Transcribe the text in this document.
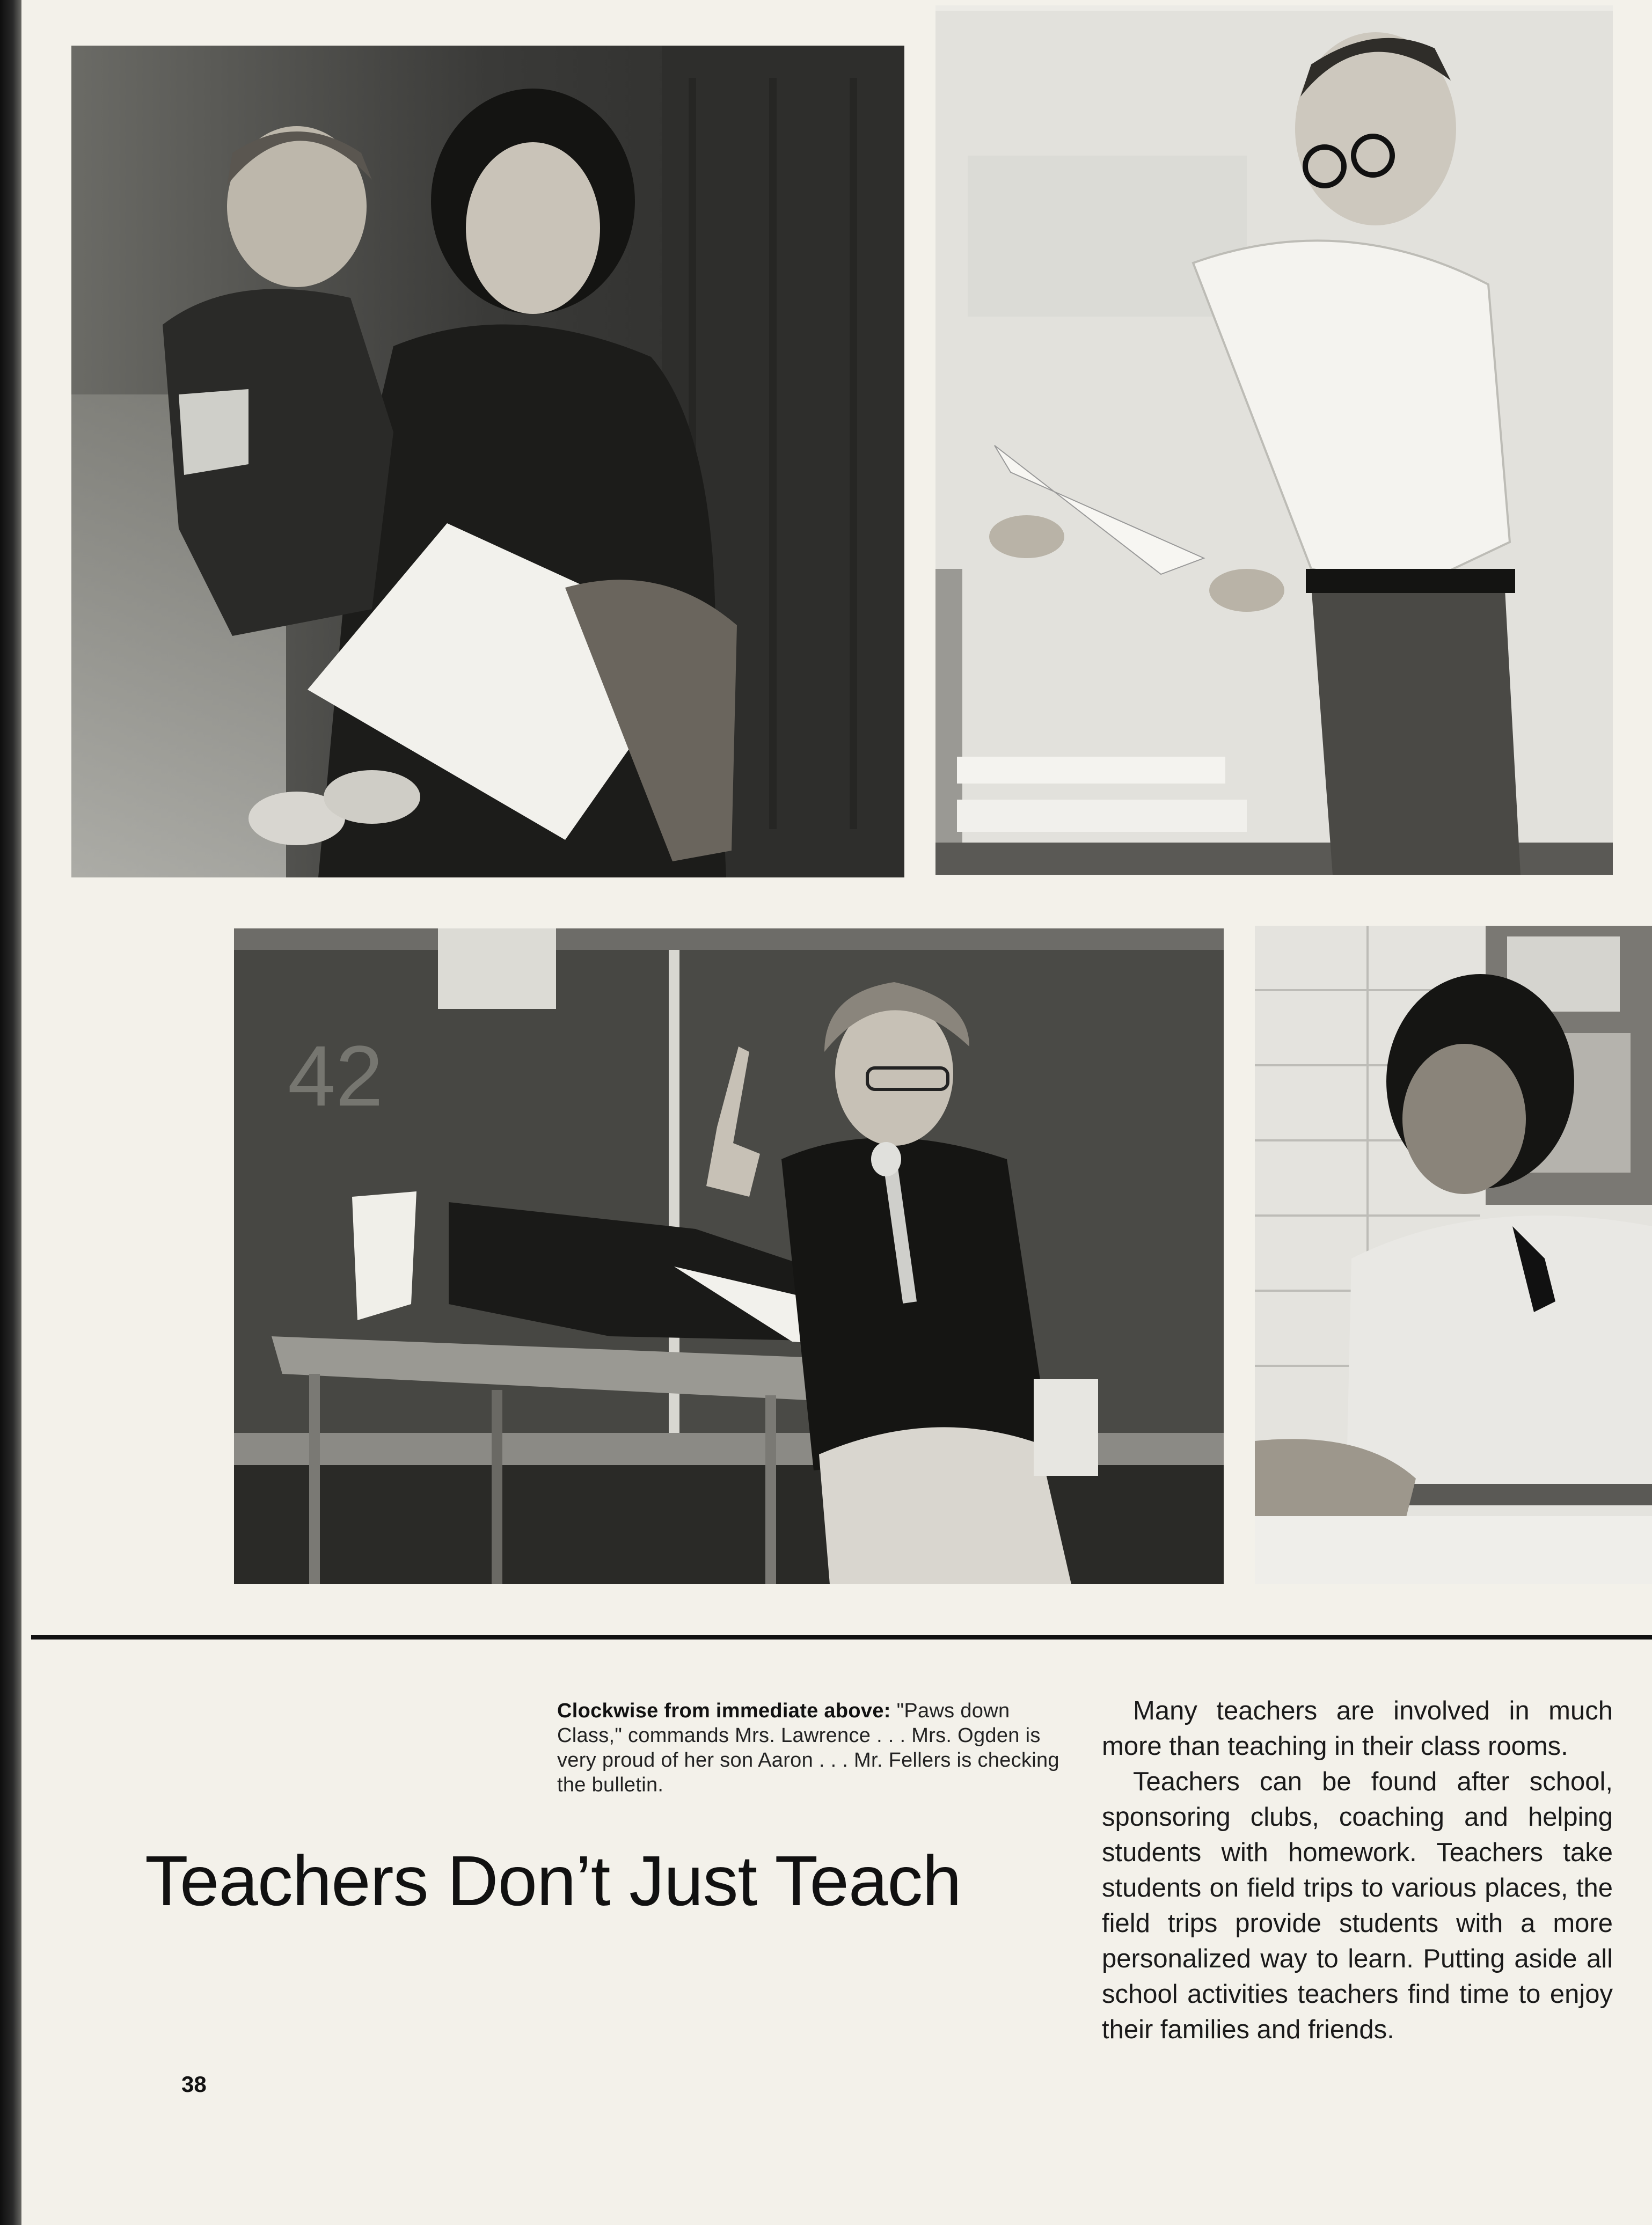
42
Clockwise from immediate above: "Paws down Class," commands Mrs. Lawrence . . . Mrs. Ogden is very proud of her son Aaron . . . Mr. Fellers is checking the bulletin.
Teachers Don’t Just Teach

Many teachers are involved in much more than teaching in their class rooms.

Teachers can be found after school, sponsoring clubs, coaching and helping students with homework. Teachers take students on field trips to various places, the field trips provide students with a more personalized way to learn. Putting aside all school activities teachers find time to enjoy their families and friends.

38
